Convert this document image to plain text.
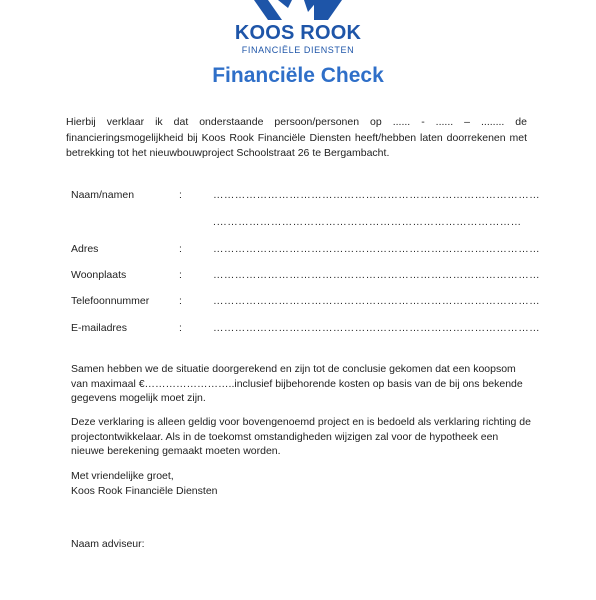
KOOS ROOK
FINANCIËLE DIENSTEN
Financiële Check
Hierbij verklaar ik dat onderstaande persoon/personen op ...... - ...... – ........ de financieringsmogelijkheid bij Koos Rook Financiële Diensten heeft/hebben laten doorrekenen met betrekking tot het nieuwbouwproject Schoolstraat 26 te Bergambacht.
Naam/namen	:	………………………………………………………………………………
.…………………………………………………………………………
Adres	:	………………………………………………………………………………
Woonplaats	:	………………………………………………………………………………
Telefoonnummer	:	………………………………………………………………………………
E-mailadres	:	………………………………………………………………………………
Samen hebben we de situatie doorgerekend en zijn tot de conclusie gekomen dat een koopsom van maximaal €……………………..inclusief bijbehorende kosten op basis van de bij ons bekende gegevens mogelijk moet zijn.
Deze verklaring is alleen geldig voor bovengenoemd project en is bedoeld als verklaring richting de projectontwikkelaar. Als in de toekomst omstandigheden wijzigen zal voor de hypotheek een nieuwe berekening gemaakt moeten worden.
Met vriendelijke groet,
Koos Rook Financiële Diensten
Naam adviseur:
